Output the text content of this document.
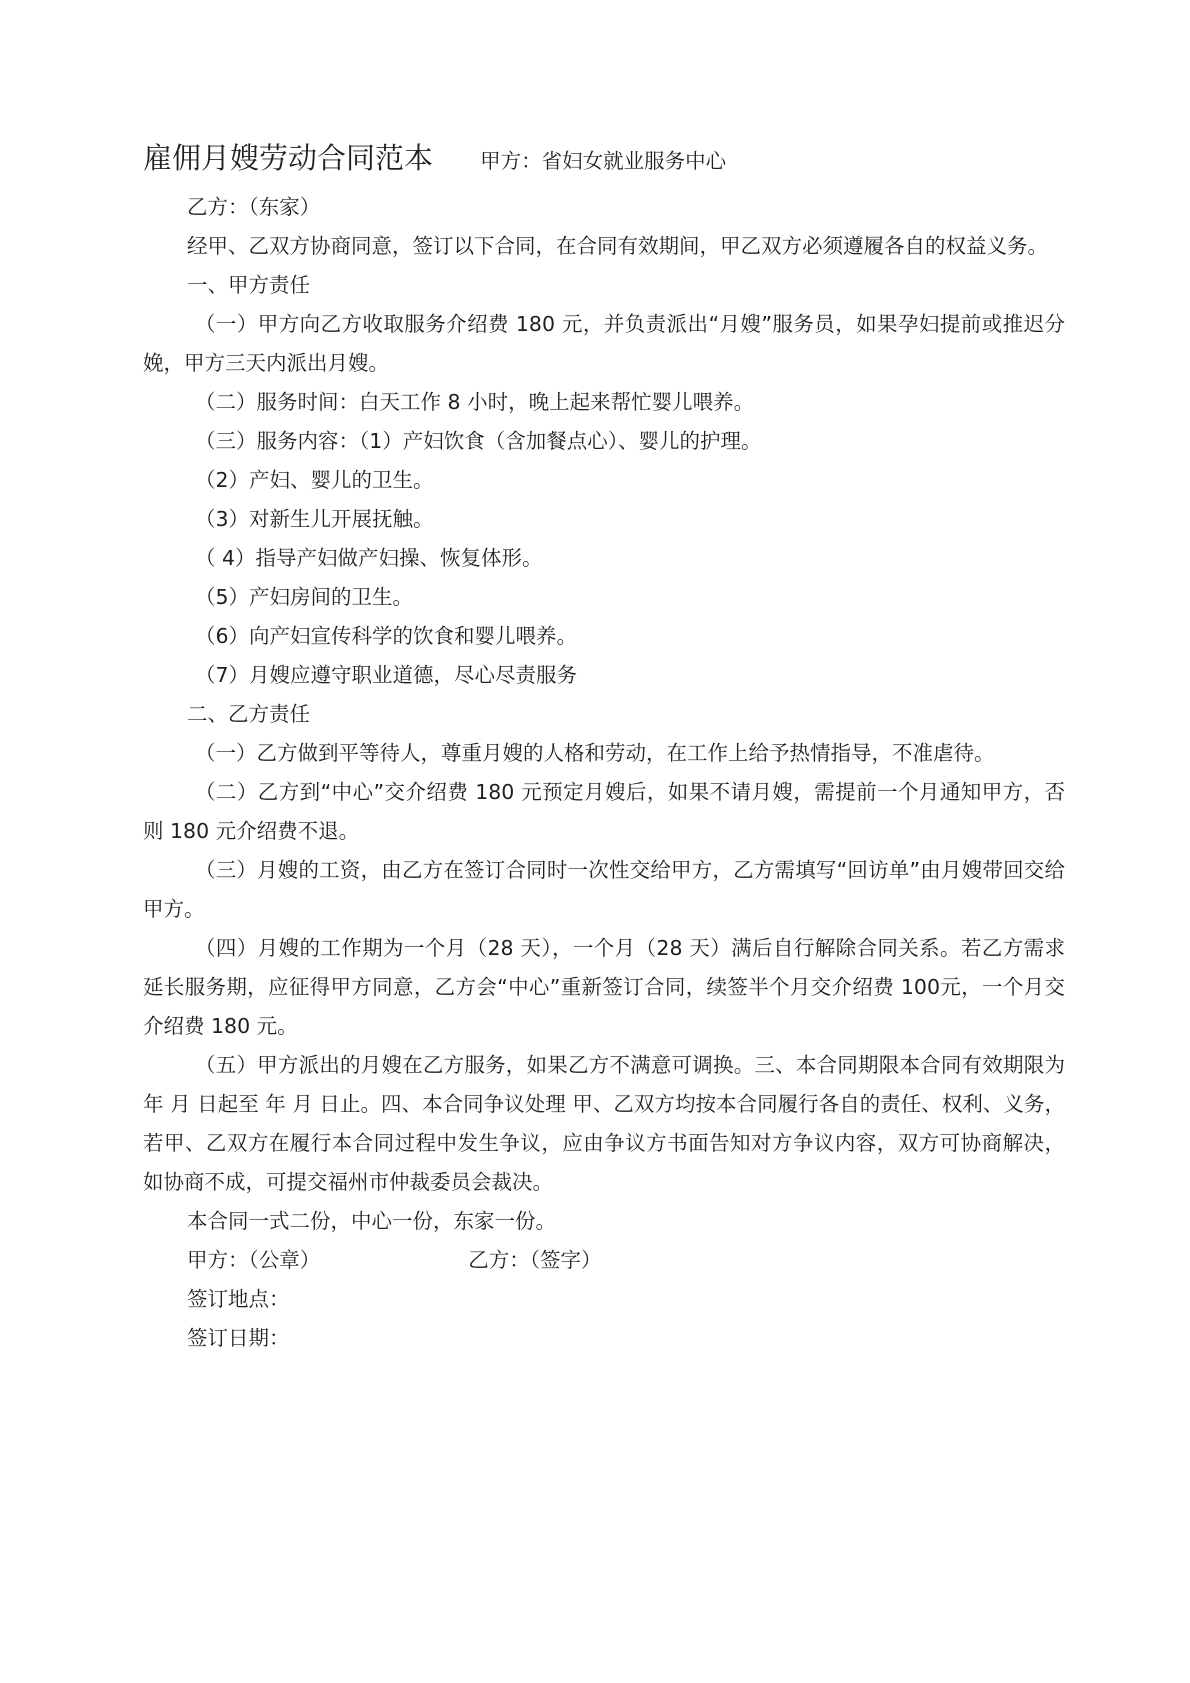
雇佣月嫂劳动合同范本 甲方：省妇女就业服务中心

乙方：（东家）

经甲、乙双方协商同意，签订以下合同，在合同有效期间，甲乙双方必须遵履各自的权益义务。

一、甲方责任

（一）甲方向乙方收取服务介绍费 180 元，并负责派出“月嫂”服务员，如果孕妇提前或推迟分娩，甲方三天内派出月嫂。

（二）服务时间：白天工作 8 小时，晚上起来帮忙婴儿喂养。

（三）服务内容：（1）产妇饮食（含加餐点心）、婴儿的护理。

（2）产妇、婴儿的卫生。

（3）对新生儿开展抚触。

（ 4）指导产妇做产妇操、恢复体形。

（5）产妇房间的卫生。

（6）向产妇宣传科学的饮食和婴儿喂养。

（7）月嫂应遵守职业道德，尽心尽责服务

二、乙方责任

（一）乙方做到平等待人，尊重月嫂的人格和劳动，在工作上给予热情指导，不准虐待。

（二）乙方到“中心”交介绍费 180 元预定月嫂后，如果不请月嫂，需提前一个月通知甲方，否则 180 元介绍费不退。

（三）月嫂的工资，由乙方在签订合同时一次性交给甲方，乙方需填写“回访单”由月嫂带回交给甲方。

（四）月嫂的工作期为一个月（28 天），一个月（28 天）满后自行解除合同关系。若乙方需求延长服务期，应征得甲方同意，乙方会“中心”重新签订合同，续签半个月交介绍费 100元，一个月交介绍费 180 元。

（五）甲方派出的月嫂在乙方服务，如果乙方不满意可调换。三、本合同期限本合同有效期限为 年 月 日起至 年 月 日止。四、本合同争议处理 甲、乙双方均按本合同履行各自的责任、权利、义务，若甲、乙双方在履行本合同过程中发生争议，应由争议方书面告知对方争议内容，双方可协商解决，如协商不成，可提交福州市仲裁委员会裁决。

本合同一式二份，中心一份，东家一份。

甲方：（公章）	乙方：（签字）

签订地点：

签订日期：
